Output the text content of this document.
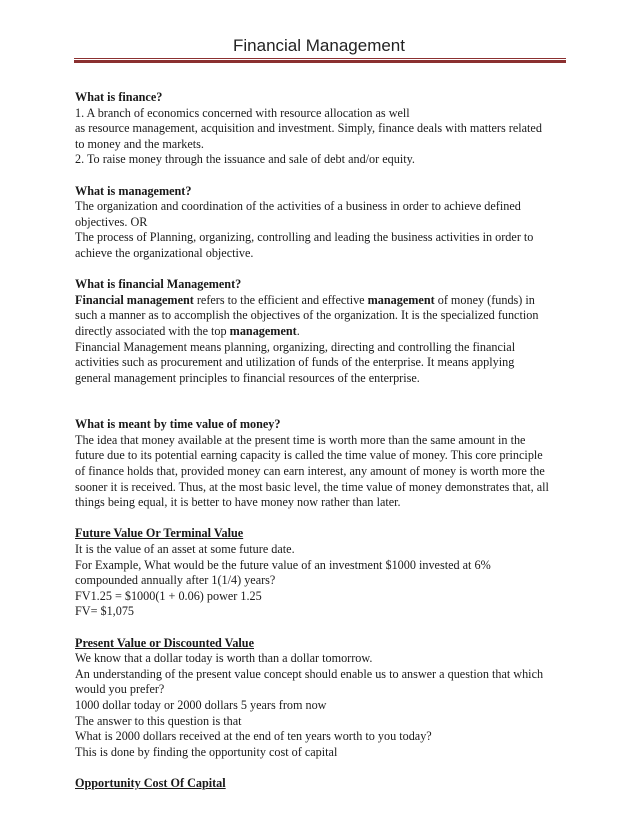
Financial Management

What is finance?

1. A branch of economics concerned with resource allocation as well

as resource management, acquisition and investment. Simply, finance deals with matters related

to money and the markets.

2. To raise money through the issuance and sale of debt and/or equity.

What is management?

The organization and coordination of the activities of a business in order to achieve defined

objectives. OR

The process of Planning, organizing, controlling and leading the business activities in order to

achieve the organizational objective.

What is financial Management?

Financial management refers to the efficient and effective management of money (funds) in

such a manner as to accomplish the objectives of the organization. It is the specialized function

directly associated with the top management.

Financial Management means planning, organizing, directing and controlling the financial

activities such as procurement and utilization of funds of the enterprise. It means applying

general management principles to financial resources of the enterprise.

What is meant by time value of money?

The idea that money available at the present time is worth more than the same amount in the

future due to its potential earning capacity is called the time value of money. This core principle

of finance holds that, provided money can earn interest, any amount of money is worth more the

sooner it is received. Thus, at the most basic level, the time value of money demonstrates that, all

things being equal, it is better to have money now rather than later.

Future Value Or Terminal Value

It is the value of an asset at some future date.

For Example, What would be the future value of an investment $1000 invested at 6%

compounded annually after 1(1/4) years?

FV1.25 = $1000(1 + 0.06) power 1.25

FV= $1,075

Present Value or Discounted Value

We know that a dollar today is worth than a dollar tomorrow.

An understanding of the present value concept should enable us to answer a question that which

would you prefer?

1000 dollar today or 2000 dollars 5 years from now

The answer to this question is that

What is 2000 dollars received at the end of ten years worth to you today?

This is done by finding the opportunity cost of capital

Opportunity Cost Of Capital
